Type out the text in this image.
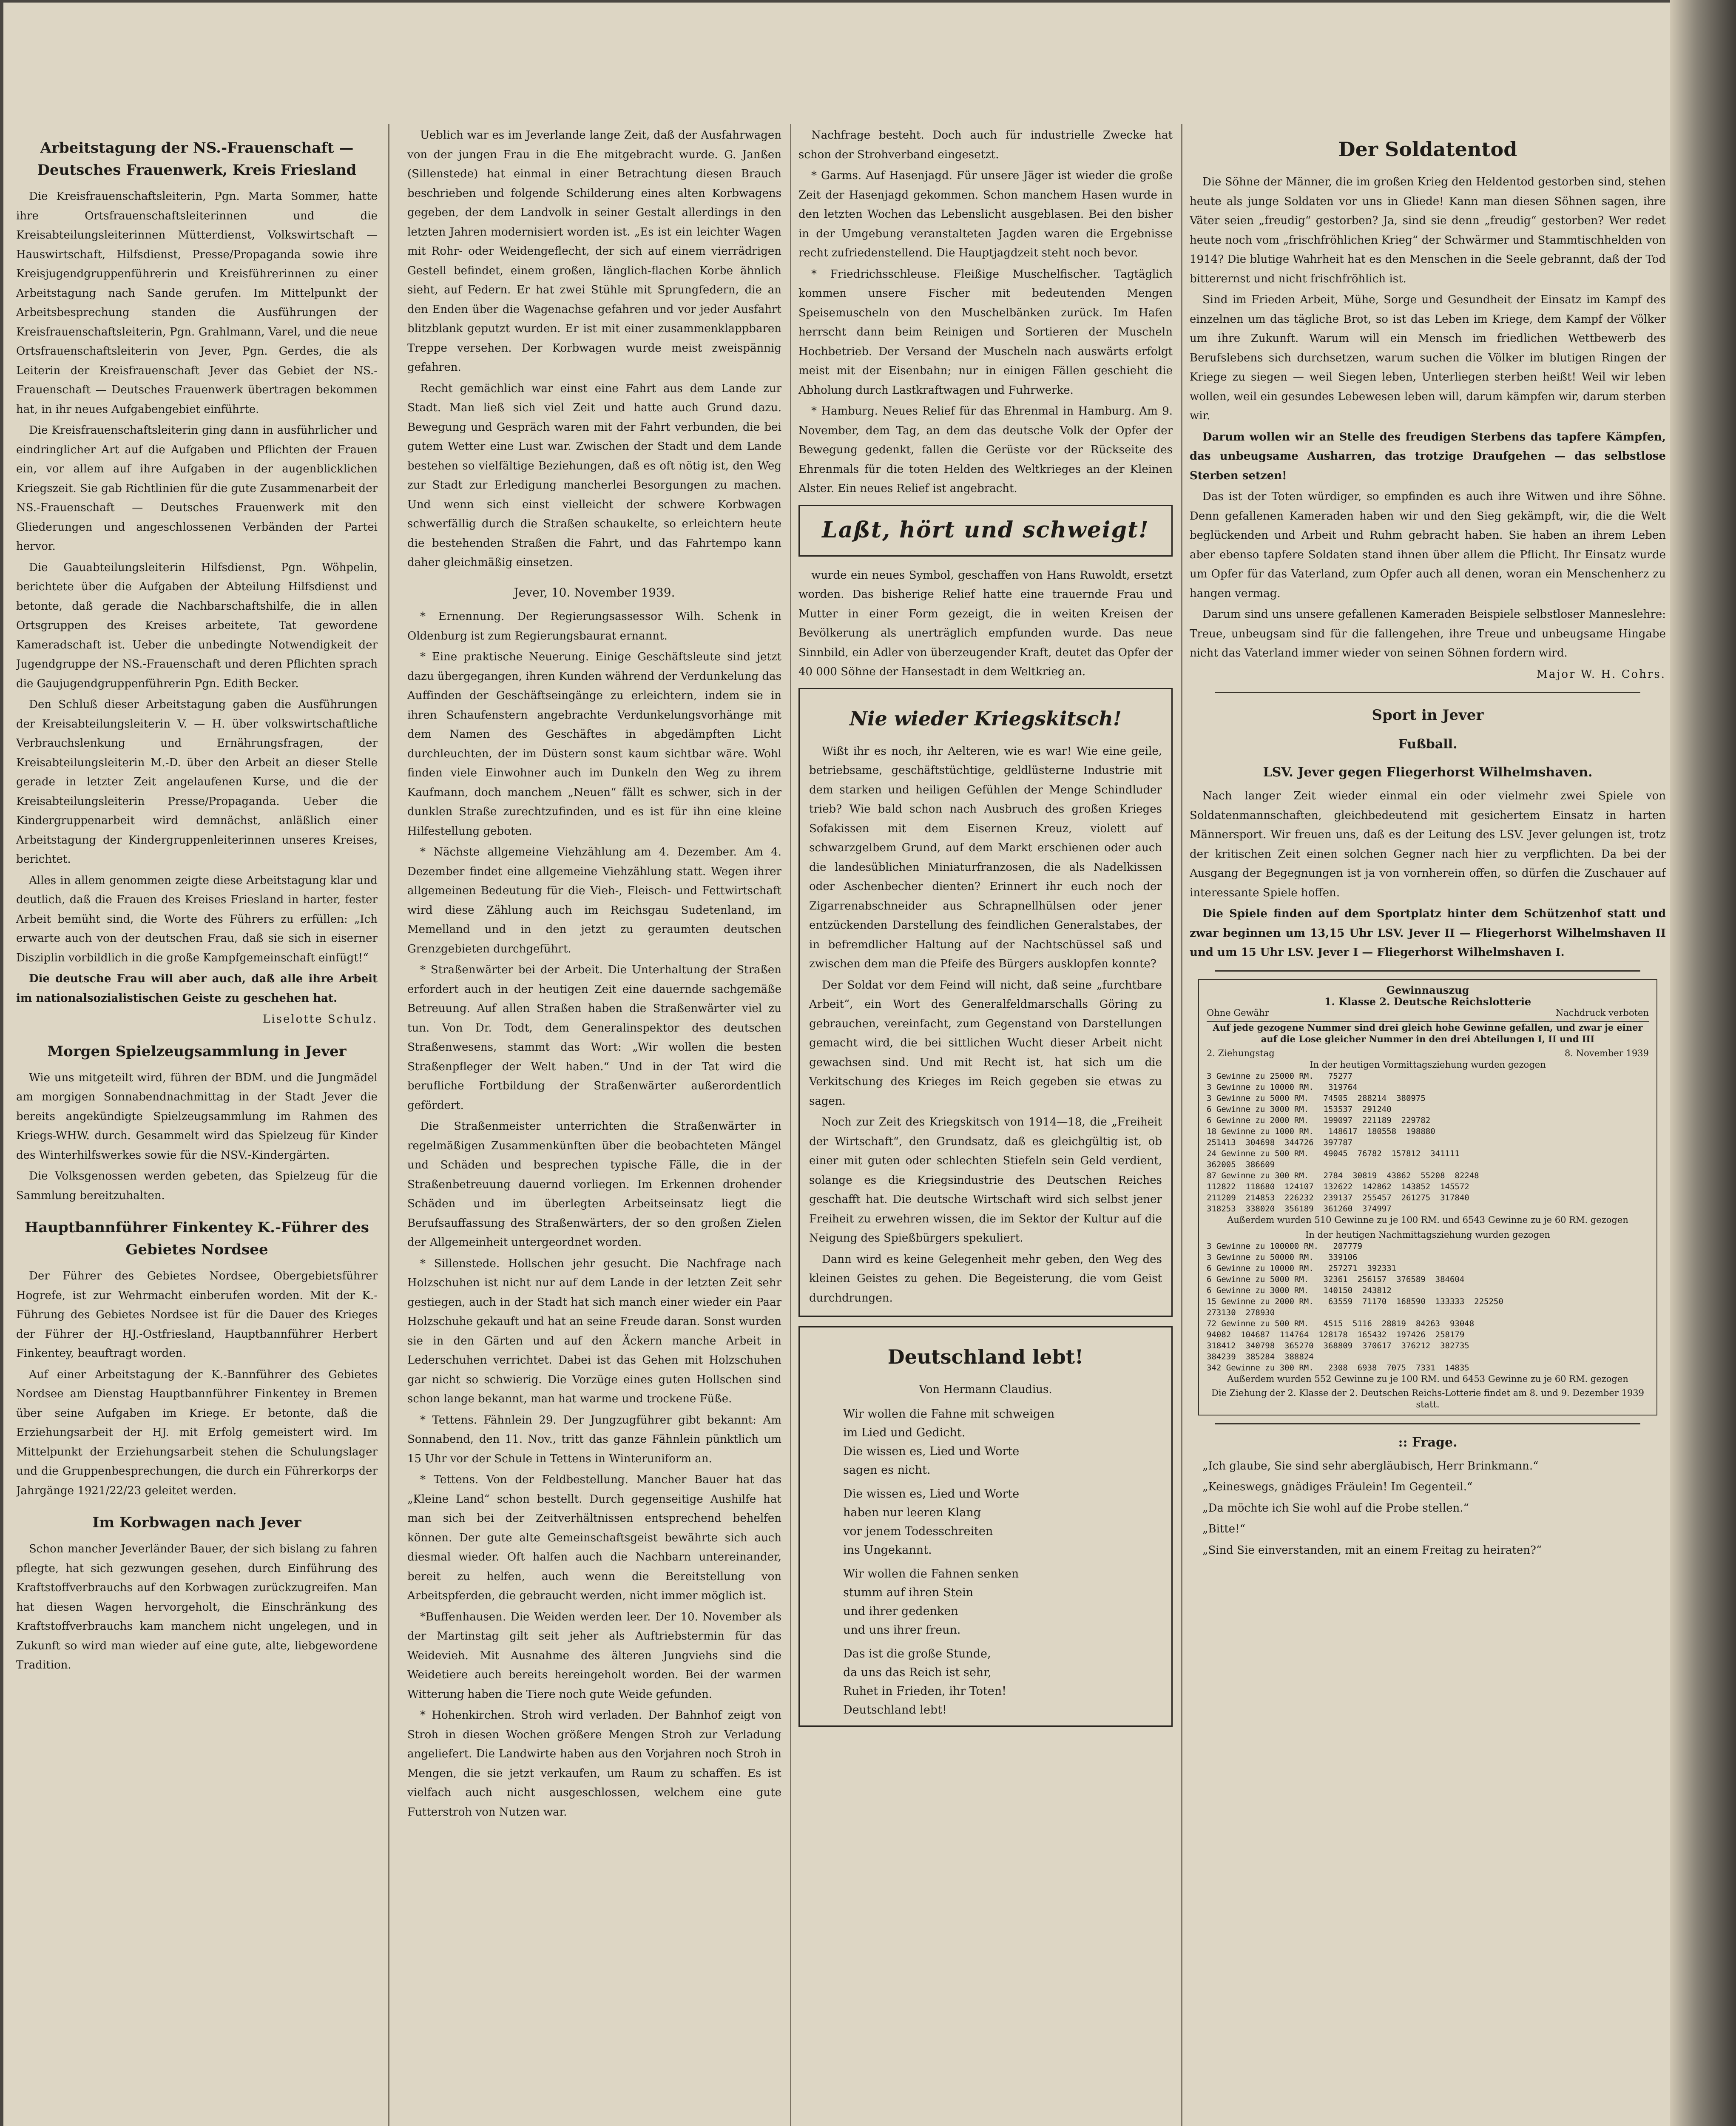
Arbeitstagung der NS.-Frauenschaft — Deutsches Frauenwerk, Kreis Friesland

Die Kreisfrauenschaftsleiterin, Pgn. Marta Sommer, hatte ihre Ortsfrauenschaftsleiterinnen und die Kreisabteilungsleiterinnen Mütterdienst, Volkswirtschaft — Hauswirtschaft, Hilfsdienst, Presse/Propaganda sowie ihre Kreisjugendgruppenführerin und Kreisführerinnen zu einer Arbeitstagung nach Sande gerufen. Im Mittelpunkt der Arbeitsbesprechung standen die Ausführungen der Kreisfrauenschaftsleiterin, Pgn. Grahlmann, Varel, und die neue Ortsfrauenschaftsleiterin von Jever, Pgn. Gerdes, die als Leiterin der Kreisfrauenschaft Jever das Gebiet der NS.-Frauenschaft — Deutsches Frauenwerk übertragen bekommen hat, in ihr neues Aufgabengebiet einführte.

Die Kreisfrauenschaftsleiterin ging dann in ausführlicher und eindringlicher Art auf die Aufgaben und Pflichten der Frauen ein, vor allem auf ihre Aufgaben in der augenblicklichen Kriegszeit. Sie gab Richtlinien für die gute Zusammenarbeit der NS.-Frauenschaft — Deutsches Frauenwerk mit den Gliederungen und angeschlossenen Verbänden der Partei hervor.

Die Gauabteilungsleiterin Hilfsdienst, Pgn. Wöhpelin, berichtete über die Aufgaben der Abteilung Hilfsdienst und betonte, daß gerade die Nachbarschaftshilfe, die in allen Ortsgruppen des Kreises arbeitete, Tat gewordene Kameradschaft ist. Ueber die unbedingte Notwendigkeit der Jugendgruppe der NS.-Frauenschaft und deren Pflichten sprach die Gaujugendgruppenführerin Pgn. Edith Becker.

Den Schluß dieser Arbeitstagung gaben die Ausführungen der Kreisabteilungsleiterin V. — H. über volkswirtschaftliche Verbrauchslenkung und Ernährungsfragen, der Kreisabteilungsleiterin M.-D. über den Arbeit an dieser Stelle gerade in letzter Zeit angelaufenen Kurse, und die der Kreisabteilungsleiterin Presse/Propaganda. Ueber die Kindergruppenarbeit wird demnächst, anläßlich einer Arbeitstagung der Kindergruppenleiterinnen unseres Kreises, berichtet.

Alles in allem genommen zeigte diese Arbeitstagung klar und deutlich, daß die Frauen des Kreises Friesland in harter, fester Arbeit bemüht sind, die Worte des Führers zu erfüllen: „Ich erwarte auch von der deutschen Frau, daß sie sich in eiserner Disziplin vorbildlich in die große Kampfgemeinschaft einfügt!“

Die deutsche Frau will aber auch, daß alle ihre Arbeit im nationalsozialistischen Geiste zu geschehen hat.

Liselotte Schulz.
Morgen Spielzeugsammlung in Jever

Wie uns mitgeteilt wird, führen der BDM. und die Jungmädel am morgigen Sonnabendnachmittag in der Stadt Jever die bereits angekündigte Spielzeugsammlung im Rahmen des Kriegs-WHW. durch. Gesammelt wird das Spielzeug für Kinder des Winterhilfswerkes sowie für die NSV.-Kindergärten.

Die Volksgenossen werden gebeten, das Spielzeug für die Sammlung bereitzuhalten.

Hauptbannführer Finkentey K.-Führer des Gebietes Nordsee

Der Führer des Gebietes Nordsee, Obergebietsführer Hogrefe, ist zur Wehrmacht einberufen worden. Mit der K.-Führung des Gebietes Nordsee ist für die Dauer des Krieges der Führer der HJ.-Ostfriesland, Hauptbannführer Herbert Finkentey, beauftragt worden.

Auf einer Arbeitstagung der K.-Bannführer des Gebietes Nordsee am Dienstag Hauptbannführer Finkentey in Bremen über seine Aufgaben im Kriege. Er betonte, daß die Erziehungsarbeit der HJ. mit Erfolg gemeistert wird. Im Mittelpunkt der Erziehungsarbeit stehen die Schulungslager und die Gruppenbesprechungen, die durch ein Führerkorps der Jahrgänge 1921/22/23 geleitet werden.

Im Korbwagen nach Jever

Schon mancher Jeverländer Bauer, der sich bislang zu fahren pflegte, hat sich gezwungen gesehen, durch Einführung des Kraftstoffverbrauchs auf den Korbwagen zurückzugreifen. Man hat diesen Wagen hervorgeholt, die Einschränkung des Kraftstoffverbrauchs kam manchem nicht ungelegen, und in Zukunft so wird man wieder auf eine gute, alte, liebgewordene Tradition.

Ueblich war es im Jeverlande lange Zeit, daß der Ausfahrwagen von der jungen Frau in die Ehe mitgebracht wurde. G. Janßen (Sillenstede) hat einmal in einer Betrachtung diesen Brauch beschrieben und folgende Schilderung eines alten Korbwagens gegeben, der dem Landvolk in seiner Gestalt allerdings in den letzten Jahren modernisiert worden ist. „Es ist ein leichter Wagen mit Rohr- oder Weidengeflecht, der sich auf einem vierrädrigen Gestell befindet, einem großen, länglich-flachen Korbe ähnlich sieht, auf Federn. Er hat zwei Stühle mit Sprungfedern, die an den Enden über die Wagenachse gefahren und vor jeder Ausfahrt blitzblank geputzt wurden. Er ist mit einer zusammenklappbaren Treppe versehen. Der Korbwagen wurde meist zweispännig gefahren.

Recht gemächlich war einst eine Fahrt aus dem Lande zur Stadt. Man ließ sich viel Zeit und hatte auch Grund dazu. Bewegung und Gespräch waren mit der Fahrt verbunden, die bei gutem Wetter eine Lust war. Zwischen der Stadt und dem Lande bestehen so vielfältige Beziehungen, daß es oft nötig ist, den Weg zur Stadt zur Erledigung mancherlei Besorgungen zu machen. Und wenn sich einst vielleicht der schwere Korbwagen schwerfällig durch die Straßen schaukelte, so erleichtern heute die bestehenden Straßen die Fahrt, und das Fahrtempo kann daher gleichmäßig einsetzen.

Jever, 10. November 1939.

* Ernennung. Der Regierungsassessor Wilh. Schenk in Oldenburg ist zum Regierungsbaurat ernannt.

* Eine praktische Neuerung. Einige Geschäftsleute sind jetzt dazu übergegangen, ihren Kunden während der Verdunkelung das Auffinden der Geschäftseingänge zu erleichtern, indem sie in ihren Schaufenstern angebrachte Verdunkelungsvorhänge mit dem Namen des Geschäftes in abgedämpften Licht durchleuchten, der im Düstern sonst kaum sichtbar wäre. Wohl finden viele Einwohner auch im Dunkeln den Weg zu ihrem Kaufmann, doch manchem „Neuen“ fällt es schwer, sich in der dunklen Straße zurechtzufinden, und es ist für ihn eine kleine Hilfestellung geboten.

* Nächste allgemeine Viehzählung am 4. Dezember. Am 4. Dezember findet eine allgemeine Viehzählung statt. Wegen ihrer allgemeinen Bedeutung für die Vieh-, Fleisch- und Fettwirtschaft wird diese Zählung auch im Reichsgau Sudetenland, im Memelland und in den jetzt zu geraumten deutschen Grenzgebieten durchgeführt.

* Straßenwärter bei der Arbeit. Die Unterhaltung der Straßen erfordert auch in der heutigen Zeit eine dauernde sachgemäße Betreuung. Auf allen Straßen haben die Straßenwärter viel zu tun. Von Dr. Todt, dem Generalinspektor des deutschen Straßenwesens, stammt das Wort: „Wir wollen die besten Straßenpfleger der Welt haben.“ Und in der Tat wird die berufliche Fortbildung der Straßenwärter außerordentlich gefördert.

Die Straßenmeister unterrichten die Straßenwärter in regelmäßigen Zusammenkünften über die beobachteten Mängel und Schäden und besprechen typische Fälle, die in der Straßenbetreuung dauernd vorliegen. Im Erkennen drohender Schäden und im überlegten Arbeitseinsatz liegt die Berufsauffassung des Straßenwärters, der so den großen Zielen der Allgemeinheit untergeordnet worden.

* Sillenstede. Hollschen jehr gesucht. Die Nachfrage nach Holzschuhen ist nicht nur auf dem Lande in der letzten Zeit sehr gestiegen, auch in der Stadt hat sich manch einer wieder ein Paar Holzschuhe gekauft und hat an seine Freude daran. Sonst wurden sie in den Gärten und auf den Äckern manche Arbeit in Lederschuhen verrichtet. Dabei ist das Gehen mit Holzschuhen gar nicht so schwierig. Die Vorzüge eines guten Hollschen sind schon lange bekannt, man hat warme und trockene Füße.

* Tettens. Fähnlein 29. Der Jungzugführer gibt bekannt: Am Sonnabend, den 11. Nov., tritt das ganze Fähnlein pünktlich um 15 Uhr vor der Schule in Tettens in Winteruniform an.

* Tettens. Von der Feldbestellung. Mancher Bauer hat das „Kleine Land“ schon bestellt. Durch gegenseitige Aushilfe hat man sich bei der Zeitverhältnissen entsprechend behelfen können. Der gute alte Gemeinschaftsgeist bewährte sich auch diesmal wieder. Oft halfen auch die Nachbarn untereinander, bereit zu helfen, auch wenn die Bereitstellung von Arbeitspferden, die gebraucht werden, nicht immer möglich ist.

*Buffenhausen. Die Weiden werden leer. Der 10. November als der Martinstag gilt seit jeher als Auftriebstermin für das Weidevieh. Mit Ausnahme des älteren Jungviehs sind die Weidetiere auch bereits hereingeholt worden. Bei der warmen Witterung haben die Tiere noch gute Weide gefunden.

* Hohenkirchen. Stroh wird verladen. Der Bahnhof zeigt von Stroh in diesen Wochen größere Mengen Stroh zur Verladung angeliefert. Die Landwirte haben aus den Vorjahren noch Stroh in Mengen, die sie jetzt verkaufen, um Raum zu schaffen. Es ist vielfach auch nicht ausgeschlossen, welchem eine gute Futterstroh von Nutzen war.

Nachfrage besteht. Doch auch für industrielle Zwecke hat schon der Strohverband eingesetzt.

* Garms. Auf Hasenjagd. Für unsere Jäger ist wieder die große Zeit der Hasenjagd gekommen. Schon manchem Hasen wurde in den letzten Wochen das Lebenslicht ausgeblasen. Bei den bisher in der Umgebung veranstalteten Jagden waren die Ergebnisse recht zufriedenstellend. Die Hauptjagdzeit steht noch bevor.

* Friedrichsschleuse. Fleißige Muschelfischer. Tagtäglich kommen unsere Fischer mit bedeutenden Mengen Speisemuscheln von den Muschelbänken zurück. Im Hafen herrscht dann beim Reinigen und Sortieren der Muscheln Hochbetrieb. Der Versand der Muscheln nach auswärts erfolgt meist mit der Eisenbahn; nur in einigen Fällen geschieht die Abholung durch Lastkraftwagen und Fuhrwerke.

* Hamburg. Neues Relief für das Ehrenmal in Hamburg. Am 9. November, dem Tag, an dem das deutsche Volk der Opfer der Bewegung gedenkt, fallen die Gerüste vor der Rückseite des Ehrenmals für die toten Helden des Weltkrieges an der Kleinen Alster. Ein neues Relief ist angebracht.

Laßt, hört und schweigt!

wurde ein neues Symbol, geschaffen von Hans Ruwoldt, ersetzt worden. Das bisherige Relief hatte eine trauernde Frau und Mutter in einer Form gezeigt, die in weiten Kreisen der Bevölkerung als unerträglich empfunden wurde. Das neue Sinnbild, ein Adler von überzeugender Kraft, deutet das Opfer der 40 000 Söhne der Hansestadt in dem Weltkrieg an.

Nie wieder Kriegskitsch!

Wißt ihr es noch, ihr Aelteren, wie es war! Wie eine geile, betriebsame, geschäftstüchtige, geldlüsterne Industrie mit dem starken und heiligen Gefühlen der Menge Schindluder trieb? Wie bald schon nach Ausbruch des großen Krieges Sofakissen mit dem Eisernen Kreuz, violett auf schwarzgelbem Grund, auf dem Markt erschienen oder auch die landesüblichen Miniaturfranzosen, die als Nadelkissen oder Aschenbecher dienten? Erinnert ihr euch noch der Zigarrenabschneider aus Schrapnellhülsen oder jener entzückenden Darstellung des feindlichen Generalstabes, der in befremdlicher Haltung auf der Nachtschüssel saß und zwischen dem man die Pfeife des Bürgers ausklopfen konnte?

Der Soldat vor dem Feind will nicht, daß seine „furchtbare Arbeit“, ein Wort des Generalfeldmarschalls Göring zu gebrauchen, vereinfacht, zum Gegenstand von Darstellungen gemacht wird, die bei sittlichen Wucht dieser Arbeit nicht gewachsen sind. Und mit Recht ist, hat sich um die Verkitschung des Krieges im Reich gegeben sie etwas zu sagen.

Noch zur Zeit des Kriegskitsch von 1914—18, die „Freiheit der Wirtschaft“, den Grundsatz, daß es gleichgültig ist, ob einer mit guten oder schlechten Stiefeln sein Geld verdient, solange es die Kriegsindustrie des Deutschen Reiches geschafft hat. Die deutsche Wirtschaft wird sich selbst jener Freiheit zu erwehren wissen, die im Sektor der Kultur auf die Neigung des Spießbürgers spekuliert.

Dann wird es keine Gelegenheit mehr geben, den Weg des kleinen Geistes zu gehen. Die Begeisterung, die vom Geist durchdrungen.

Deutschland lebt!
Von Hermann Claudius.
Wir wollen die Fahne mit schweigen
im Lied und Gedicht.
Die wissen es, Lied und Worte
sagen es nicht.
Die wissen es, Lied und Worte
haben nur leeren Klang
vor jenem Todesschreiten
ins Ungekannt.
Wir wollen die Fahnen senken
stumm auf ihren Stein
und ihrer gedenken
und uns ihrer freun.
Das ist die große Stunde,
da uns das Reich ist sehr,
Ruhet in Frieden, ihr Toten!
Deutschland lebt!
Der Soldatentod

Die Söhne der Männer, die im großen Krieg den Heldentod gestorben sind, stehen heute als junge Soldaten vor uns in Gliede! Kann man diesen Söhnen sagen, ihre Väter seien „freudig“ gestorben? Ja, sind sie denn „freudig“ gestorben? Wer redet heute noch vom „frischfröhlichen Krieg“ der Schwärmer und Stammtischhelden von 1914? Die blutige Wahrheit hat es den Menschen in die Seele gebrannt, daß der Tod bitterernst und nicht frischfröhlich ist.

Sind im Frieden Arbeit, Mühe, Sorge und Gesundheit der Einsatz im Kampf des einzelnen um das tägliche Brot, so ist das Leben im Kriege, dem Kampf der Völker um ihre Zukunft. Warum will ein Mensch im friedlichen Wettbewerb des Berufslebens sich durchsetzen, warum suchen die Völker im blutigen Ringen der Kriege zu siegen — weil Siegen leben, Unterliegen sterben heißt! Weil wir leben wollen, weil ein gesundes Lebewesen leben will, darum kämpfen wir, darum sterben wir.

Darum wollen wir an Stelle des freudigen Sterbens das tapfere Kämpfen, das unbeugsame Ausharren, das trotzige Draufgehen — das selbstlose Sterben setzen!

Das ist der Toten würdiger, so empfinden es auch ihre Witwen und ihre Söhne. Denn gefallenen Kameraden haben wir und den Sieg gekämpft, wir, die die Welt beglückenden und Arbeit und Ruhm gebracht haben. Sie haben an ihrem Leben aber ebenso tapfere Soldaten stand ihnen über allem die Pflicht. Ihr Einsatz wurde um Opfer für das Vaterland, zum Opfer auch all denen, woran ein Menschenherz zu hangen vermag.

Darum sind uns unsere gefallenen Kameraden Beispiele selbstloser Manneslehre: Treue, unbeugsam sind für die fallengehen, ihre Treue und unbeugsame Hingabe nicht das Vaterland immer wieder von seinen Söhnen fordern wird.

Major W. H. Cohrs.
Sport in Jever
Fußball.
LSV. Jever gegen Fliegerhorst Wilhelmshaven.

Nach langer Zeit wieder einmal ein oder vielmehr zwei Spiele von Soldatenmannschaften, gleichbedeutend mit gesichertem Einsatz in harten Männersport. Wir freuen uns, daß es der Leitung des LSV. Jever gelungen ist, trotz der kritischen Zeit einen solchen Gegner nach hier zu verpflichten. Da bei der Ausgang der Begegnungen ist ja von vornherein offen, so dürfen die Zuschauer auf interessante Spiele hoffen.

Die Spiele finden auf dem Sportplatz hinter dem Schützenhof statt und zwar beginnen um 13,15 Uhr LSV. Jever II — Fliegerhorst Wilhelmshaven II und um 15 Uhr LSV. Jever I — Fliegerhorst Wilhelmshaven I.

Gewinnauszug
1. Klasse 2. Deutsche Reichslotterie
Ohne Gewähr	Nachdruck verboten
Auf jede gezogene Nummer sind drei gleich hohe Gewinne gefallen, und zwar je einer auf die Lose gleicher Nummer in den drei Abteilungen I, II und III
2. Ziehungstag	8. November 1939
In der heutigen Vormittagsziehung wurden gezogen
3 Gewinne zu 25000 RM.   75277
3 Gewinne zu 10000 RM.   319764
3 Gewinne zu 5000 RM.   74505  288214  380975
6 Gewinne zu 3000 RM.   153537  291240
6 Gewinne zu 2000 RM.   199097  221189  229782
18 Gewinne zu 1000 RM.   148617  180558  198880
251413  304698  344726  397787
24 Gewinne zu 500 RM.   49045  76782  157812  341111
362005  386609
87 Gewinne zu 300 RM.   2784  30819  43862  55208  82248
112822  118680  124107  132622  142862  143852  145572
211209  214853  226232  239137  255457  261275  317840
318253  338020  356189  361260  374997
Außerdem wurden 510 Gewinne zu je 100 RM. und 6543 Gewinne zu je 60 RM. gezogen
In der heutigen Nachmittagsziehung wurden gezogen
3 Gewinne zu 100000 RM.   207779
3 Gewinne zu 50000 RM.   339106
6 Gewinne zu 10000 RM.   257271  392331
6 Gewinne zu 5000 RM.   32361  256157  376589  384604
6 Gewinne zu 3000 RM.   140150  243812
15 Gewinne zu 2000 RM.   63559  71170  168590  133333  225250
273130  278930
72 Gewinne zu 500 RM.   4515  5116  28819  84263  93048
94082  104687  114764  128178  165432  197426  258179
318412  340798  365270  368809  370617  376212  382735
384239  385284  388824
342 Gewinne zu 300 RM.   2308  6938  7075  7331  14835
Außerdem wurden 552 Gewinne zu je 100 RM. und 6453 Gewinne zu je 60 RM. gezogen
Die Ziehung der 2. Klasse der 2. Deutschen Reichs-Lotterie findet am 8. und 9. Dezember 1939 statt.
:: Frage.

„Ich glaube, Sie sind sehr abergläubisch, Herr Brinkmann.“

„Keineswegs, gnädiges Fräulein! Im Gegenteil.“

„Da möchte ich Sie wohl auf die Probe stellen.“

„Bitte!“

„Sind Sie einverstanden, mit an einem Freitag zu heiraten?“
